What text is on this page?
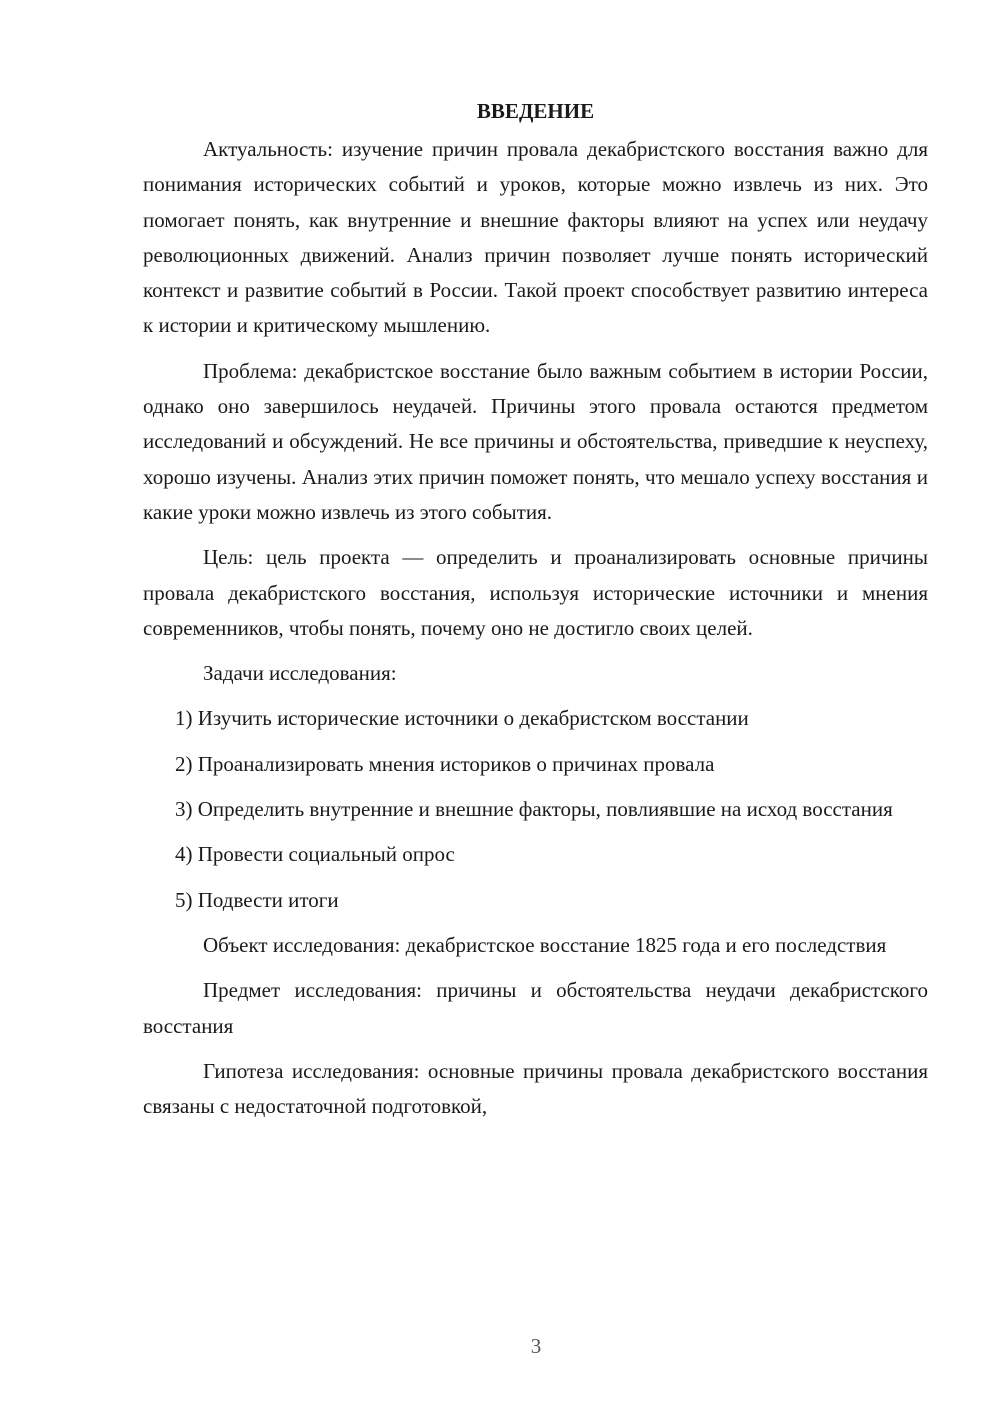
ВВЕДЕНИЕ

Актуальность: изучение причин провала декабристского восстания важно для понимания исторических событий и уроков, которые можно извлечь из них. Это помогает понять, как внутренние и внешние факторы влияют на успех или неудачу революционных движений. Анализ причин позволяет лучше понять исторический контекст и развитие событий в России. Такой проект способствует развитию интереса к истории и критическому мышлению.

Проблема: декабристское восстание было важным событием в истории России, однако оно завершилось неудачей. Причины этого провала остаются предметом исследований и обсуждений. Не все причины и обстоятельства, приведшие к неуспеху, хорошо изучены. Анализ этих причин поможет понять, что мешало успеху восстания и какие уроки можно извлечь из этого события.

Цель: цель проекта — определить и проанализировать основные причины провала декабристского восстания, используя исторические источники и мнения современников, чтобы понять, почему оно не достигло своих целей.

Задачи исследования:

1) Изучить исторические источники о декабристском восстании

2) Проанализировать мнения историков о причинах провала

3) Определить внутренние и внешние факторы, повлиявшие на исход восстания

4) Провести социальный опрос

5) Подвести итоги

Объект исследования: декабристское восстание 1825 года и его последствия

Предмет исследования: причины и обстоятельства неудачи декабристского восстания

Гипотеза исследования: основные причины провала декабристского восстания связаны с недостаточной подготовкой,

3
